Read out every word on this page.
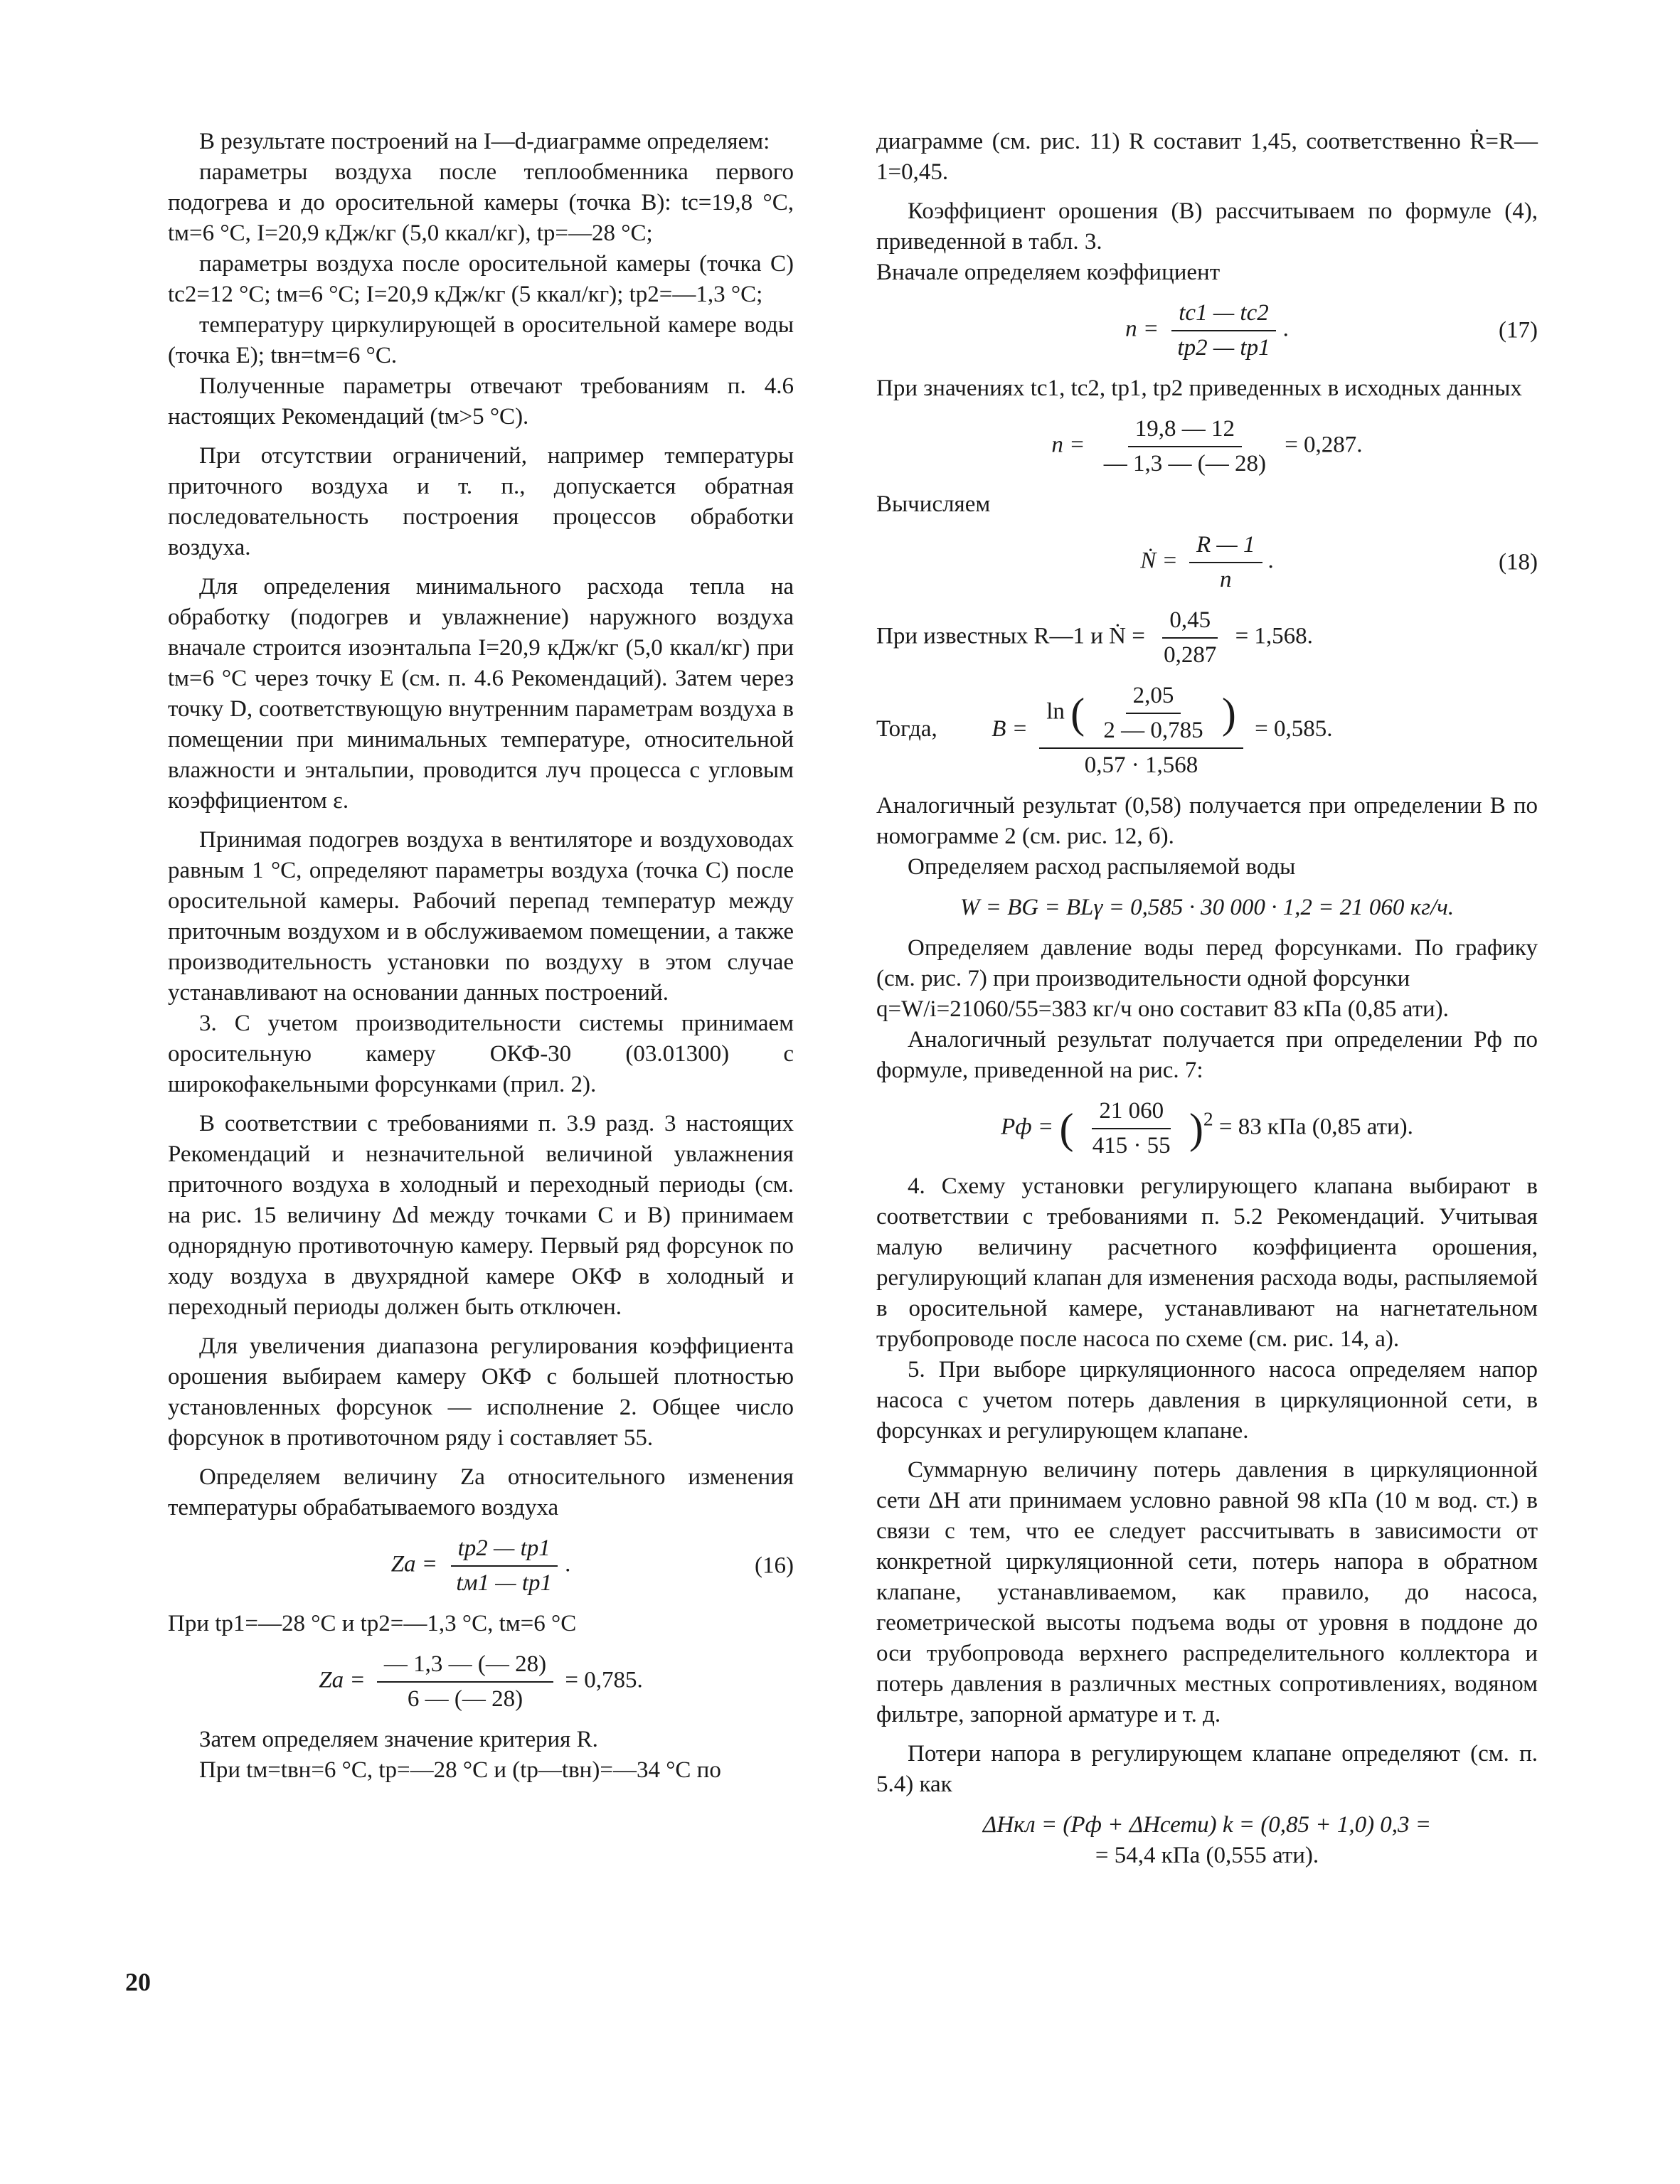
В результате построений на I—d-диаграмме определяем:

параметры воздуха после теплообменника первого подогрева и до оросительной камеры (точка B): tс=19,8 °С, tм=6 °С, I=20,9 кДж/кг (5,0 ккал/кг), tр=—28 °С;

параметры воздуха после оросительной камеры (точка C) tс2=12 °С; tм=6 °С; I=20,9 кДж/кг (5 ккал/кг); tр2=—1,3 °С;

температуру циркулирующей в оросительной камере воды (точка E); tвн=tм=6 °С.

Полученные параметры отвечают требованиям п. 4.6 настоящих Рекомендаций (tм>5 °С).

При отсутствии ограничений, например температуры приточного воздуха и т. п., допускается обратная последовательность построения процессов обработки воздуха.

Для определения минимального расхода тепла на обработку (подогрев и увлажнение) наружного воздуха вначале строится изоэнтальпа I=20,9 кДж/кг (5,0 ккал/кг) при tм=6 °С через точку E (см. п. 4.6 Рекомендаций). Затем через точку D, соответствующую внутренним параметрам воздуха в помещении при минимальных температуре, относительной влажности и энтальпии, проводится луч процесса с угловым коэффициентом ε.

Принимая подогрев воздуха в вентиляторе и воздуховодах равным 1 °С, определяют параметры воздуха (точка C) после оросительной камеры. Рабочий перепад температур между приточным воздухом и в обслуживаемом помещении, а также производительность установки по воздуху в этом случае устанавливают на основании данных построений.

3. С учетом производительности системы принимаем оросительную камеру ОКФ-30 (03.01300) с широкофакельными форсунками (прил. 2).

В соответствии с требованиями п. 3.9 разд. 3 настоящих Рекомендаций и незначительной величиной увлажнения приточного воздуха в холодный и переходный периоды (см. на рис. 15 величину Δd между точками C и B) принимаем однорядную противоточную камеру. Первый ряд форсунок по ходу воздуха в двухрядной камере ОКФ в холодный и переходный периоды должен быть отключен.

Для увеличения диапазона регулирования коэффициента орошения выбираем камеру ОКФ с большей плотностью установленных форсунок — исполнение 2. Общее число форсунок в противоточном ряду i составляет 55.

Определяем величину Zа относительного изменения температуры обрабатываемого воздуха

Zа = $\frac{tр2 — tр1}{tм1 — tр1}$ .	(16)

При tр1=—28 °С и tр2=—1,3 °С, tм=6 °С

Zа = $\frac{— 1,3 — (— 28)}{6 — (— 28)} = 0,785$.

Затем определяем значение критерия R.

При tм=tвн=6 °С, tр=—28 °С и (tр—tвн)=—34 °С по

диаграмме (см. рис. 11) R составит 1,45, соответственно Ṙ=R—1=0,45.

Коэффициент орошения (B) рассчитываем по формуле (4), приведенной в табл. 3.

Вначале определяем коэффициент

$n = \frac{tс1 — tс2}{tр2 — tр1}$ .	(17)

При значениях tс1, tс2, tр1, tр2 приведенных в исходных данных

$n = \frac{19,8 — 12}{— 1,3 — (— 28)} = 0,287$.

Вычисляем

Ṅ = $\frac{R — 1}{n}$ .	(18)
При известных R—1 и Ṅ = $\frac{0,45}{0,287} = 1,568$.
Тогда, B =
ln ( $\frac{2,05}{2 — 0,785}$ )
0,57 · 1,568
= 0,585.

Аналогичный результат (0,58) получается при определении B по номограмме 2 (см. рис. 12, б).

Определяем расход распыляемой воды

W = BG = BLγ = 0,585 · 30 000 · 1,2 = 21 060 кг/ч.

Определяем давление воды перед форсунками. По графику (см. рис. 7) при производительности одной форсунки

q=W/i=21060/55=383 кг/ч оно составит 83 кПа (0,85 ати).

Аналогичный результат получается при определении Pф по формуле, приведенной на рис. 7:

Pф = ( $\frac{21 060}{415 \cdot 55} )^2 = 83$ кПа (0,85 ати).

4. Схему установки регулирующего клапана выбирают в соответствии с требованиями п. 5.2 Рекомендаций. Учитывая малую величину расчетного коэффициента орошения, регулирующий клапан для изменения расхода воды, распыляемой в оросительной камере, устанавливают на нагнетательном трубопроводе после насоса по схеме (см. рис. 14, а).

5. При выборе циркуляционного насоса определяем напор насоса с учетом потерь давления в циркуляционной сети, в форсунках и регулирующем клапане.

Суммарную величину потерь давления в циркуляционной сети ΔH ати принимаем условно равной 98 кПа (10 м вод. ст.) в связи с тем, что ее следует рассчитывать в зависимости от конкретной циркуляционной сети, потерь напора в обратном клапане, устанавливаемом, как правило, до насоса, геометрической высоты подъема воды от уровня в поддоне до оси трубопровода верхнего распределительного коллектора и потерь давления в различных местных сопротивлениях, водяном фильтре, запорной арматуре и т. д.

Потери напора в регулирующем клапане определяют (см. п. 5.4) как

ΔHкл = (Pф + ΔHсети) k = (0,85 + 1,0) 0,3 =
= 54,4 кПа (0,555 ати).
20
